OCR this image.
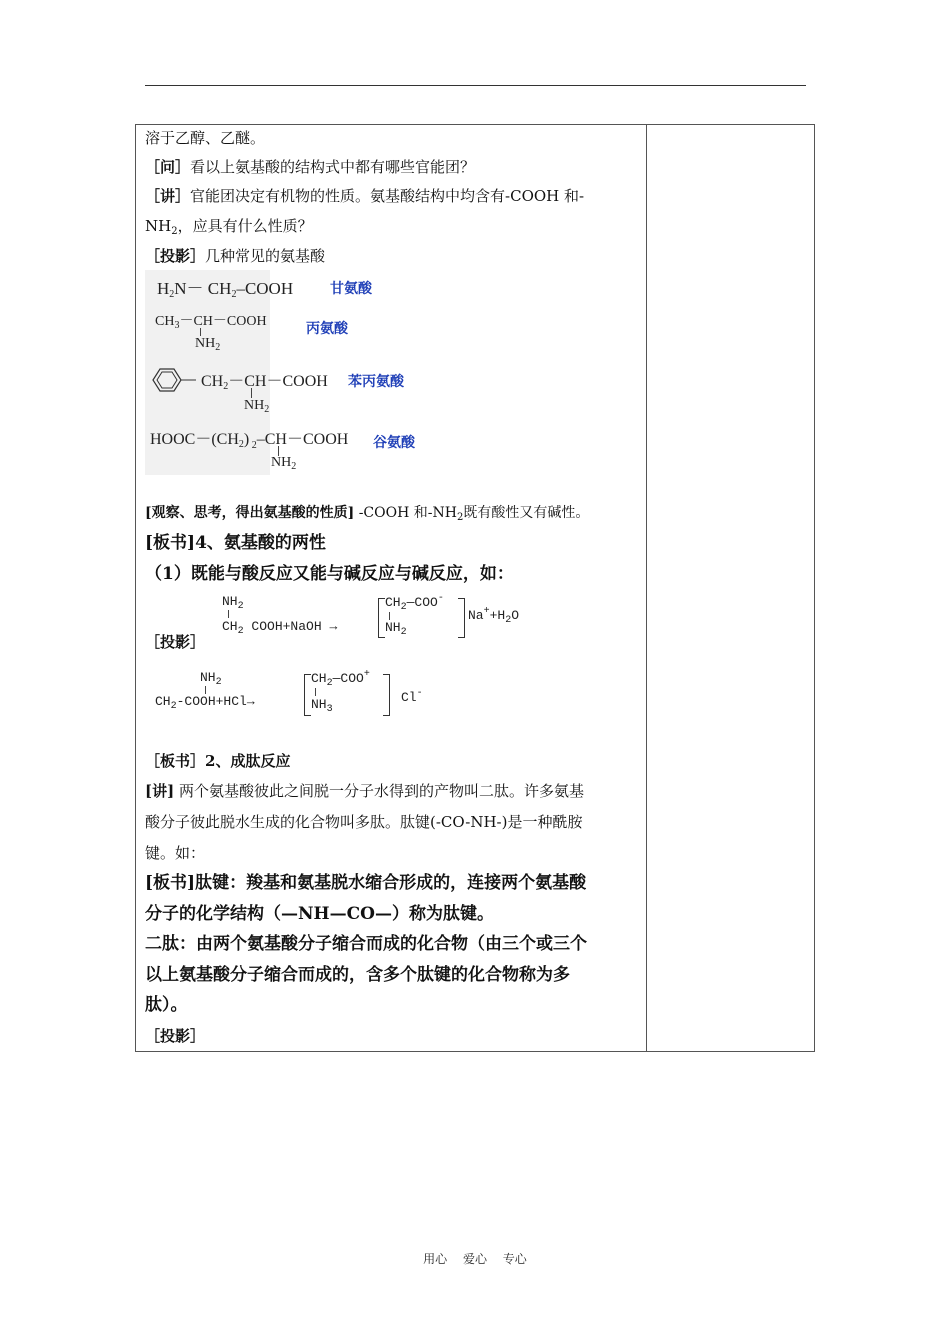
溶于乙醇、乙醚。
［问］看以上氨基酸的结构式中都有哪些官能团？
［讲］官能团决定有机物的性质。氨基酸结构中均含有-COOH 和-
$NH_2$，应具有什么性质？
［投影］几种常见的氨基酸
$H_2N-$ $CH_2$–COOH	甘氨酸
$CH_3-CH-COOH$
$NH_2$
丙氨酸
$CH_2-CH-COOH$
$NH_2$
苯丙氨酸
$HOOC-(CH_2)$ $_2$–CH－COOH
$NH_2$
谷氨酸
[观察、思考，得出氨基酸的性质] -COOH 和$-NH_2$既有酸性又有碱性。
[板书]4、氨基酸的两性
（1）既能与酸反应又能与碱反应与碱反应，如：
$NH_2$
$CH_2$ COOH+NaOH →
$CH_2—COO^-$
$NH_2$
$Na^++H_2O$
［投影］
$NH_2$
$CH_2-COOH+HCl\to$
$CH_2—COO^+$
$NH_3$
Cl-
［板书］2、成肽反应
[讲] 两个氨基酸彼此之间脱一分子水得到的产物叫二肽。许多氨基
酸分子彼此脱水生成的化合物叫多肽。肽键(-CO-NH-)是一种酰胺
键。如：
[板书]肽键：羧基和氨基脱水缩合形成的，连接两个氨基酸
分子的化学结构（—NH—CO—）称为肽键。
二肽：由两个氨基酸分子缩合而成的化合物（由三个或三个
以上氨基酸分子缩合而成的，含多个肽键的化合物称为多
肽）。
［投影］
用心 爱心 专心
